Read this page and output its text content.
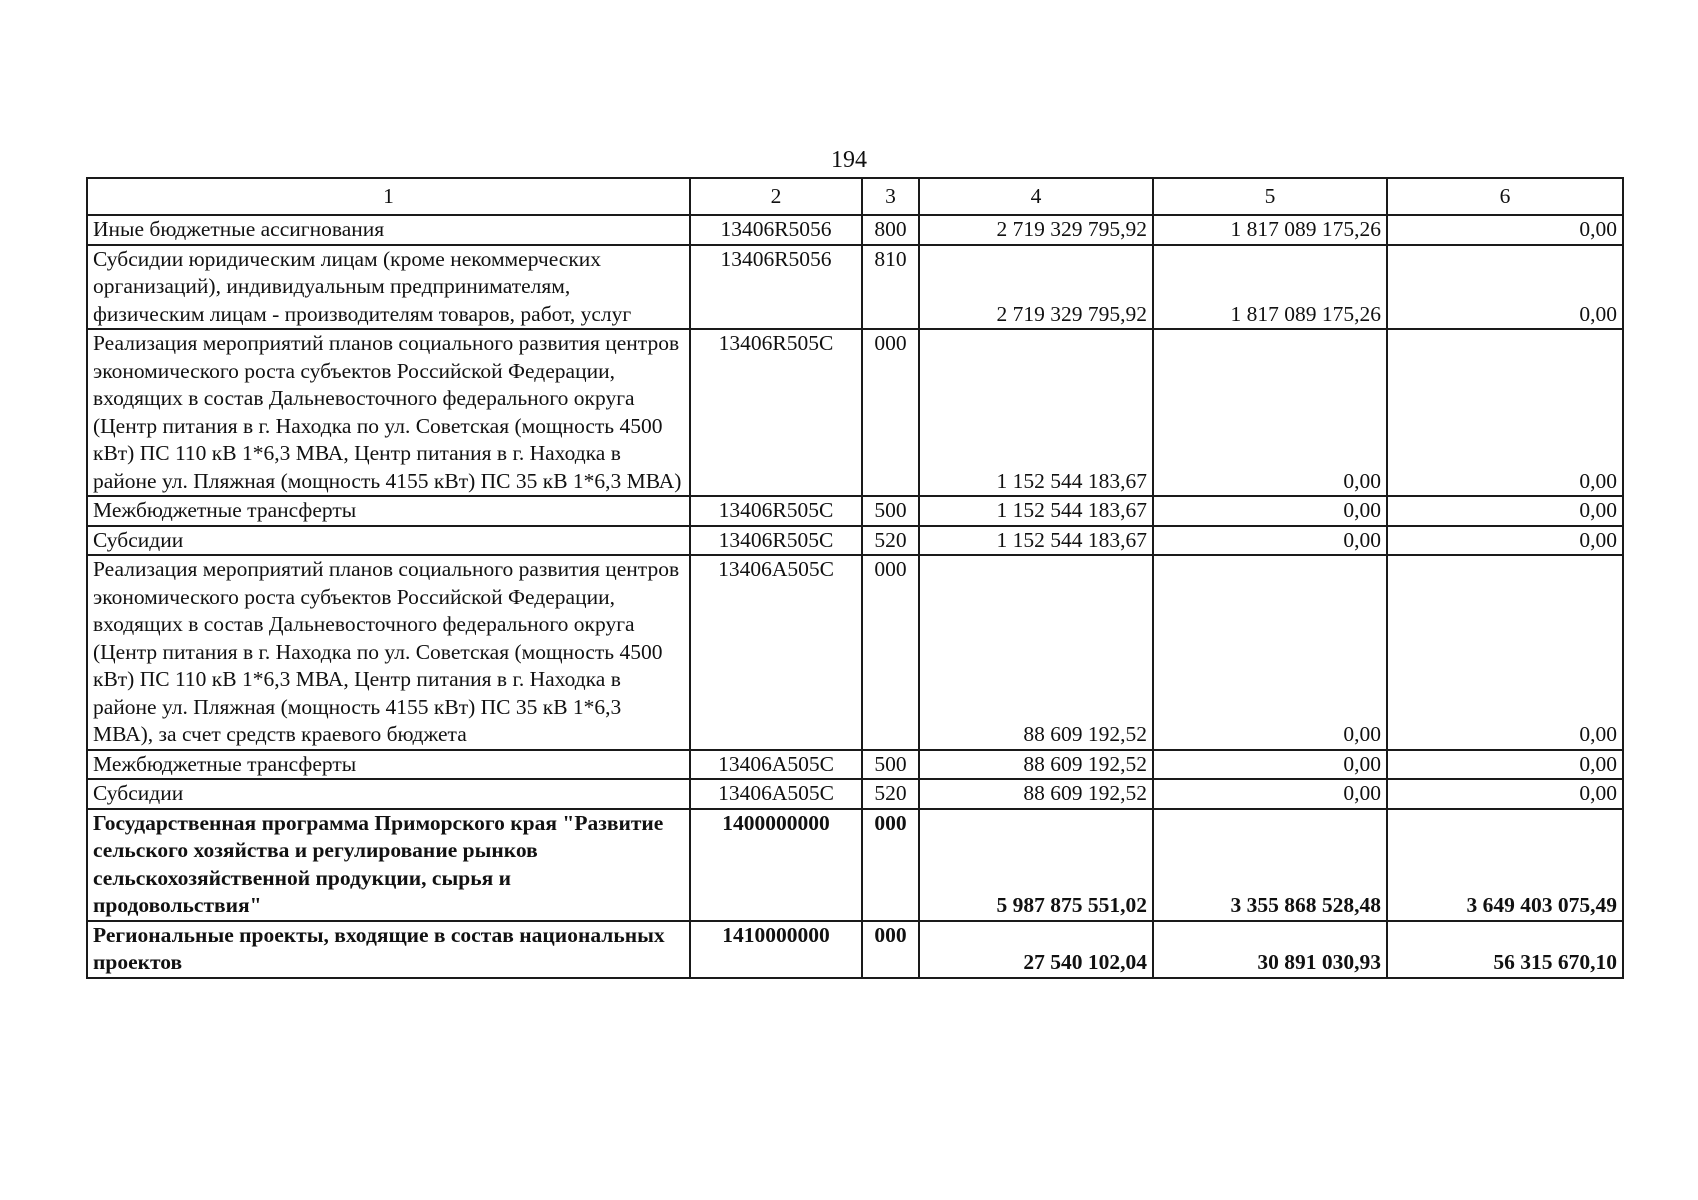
194
1	2	3	4	5	6
Иные бюджетные ассигнования	13406R5056	800	2 719 329 795,92	1 817 089 175,26	0,00
Субсидии юридическим лицам (кроме некоммерческих организаций), индивидуальным предпринимателям, физическим лицам - производителям товаров, работ, услуг	13406R5056	810	2 719 329 795,92	1 817 089 175,26	0,00
Реализация мероприятий планов социального развития центров экономического роста субъектов Российской Федерации, входящих в состав Дальневосточного федерального округа (Центр питания в г. Находка по ул. Советская (мощность 4500 кВт) ПС 110 кВ 1*6,3 МВА, Центр питания в г. Находка в районе ул. Пляжная (мощность 4155 кВт) ПС 35 кВ 1*6,3 МВА)	13406R505С	000	1 152 544 183,67	0,00	0,00
Межбюджетные трансферты	13406R505С	500	1 152 544 183,67	0,00	0,00
Субсидии	13406R505С	520	1 152 544 183,67	0,00	0,00
Реализация мероприятий планов социального развития центров экономического роста субъектов Российской Федерации, входящих в состав Дальневосточного федерального округа (Центр питания в г. Находка по ул. Советская (мощность 4500 кВт) ПС 110 кВ 1*6,3 МВА, Центр питания в г. Находка в районе ул. Пляжная (мощность 4155 кВт) ПС 35 кВ 1*6,3 МВА), за счет средств краевого бюджета	13406А505С	000	88 609 192,52	0,00	0,00
Межбюджетные трансферты	13406А505С	500	88 609 192,52	0,00	0,00
Субсидии	13406А505С	520	88 609 192,52	0,00	0,00
Государственная программа Приморского края "Развитие сельского хозяйства и регулирование рынков сельскохозяйственной продукции, сырья и продовольствия"	1400000000	000	5 987 875 551,02	3 355 868 528,48	3 649 403 075,49
Региональные проекты, входящие в состав национальных проектов	1410000000	000	27 540 102,04	30 891 030,93	56 315 670,10
